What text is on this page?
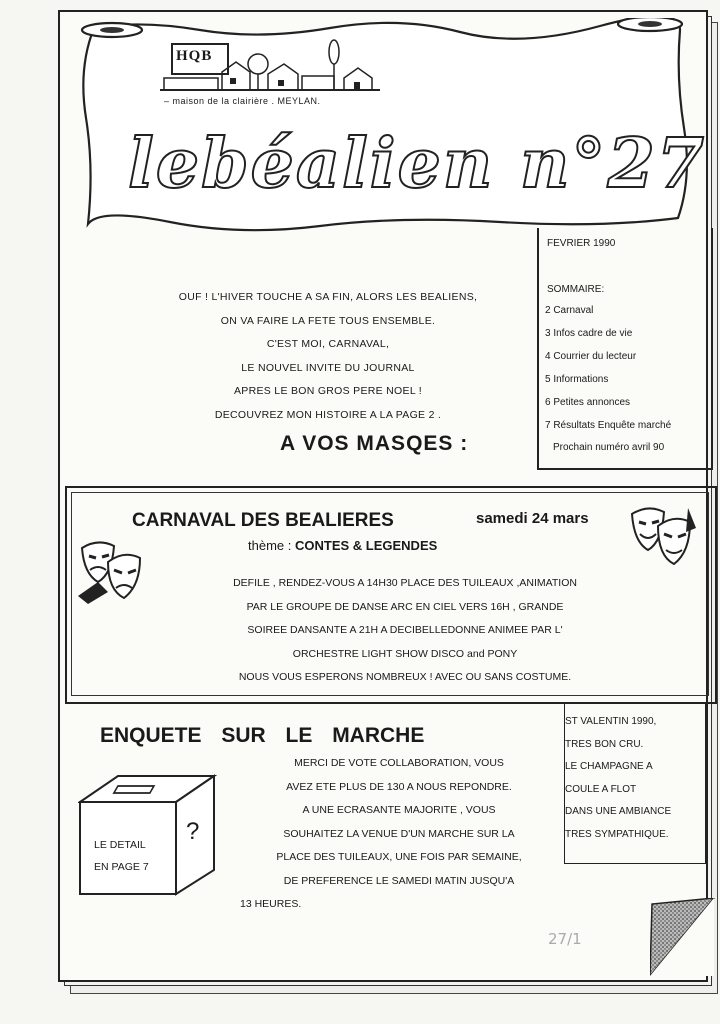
HQB
– maison de la clairière . MEYLAN.
lebéalien n°27
FEVRIER 1990
SOMMAIRE:
2 Carnaval
3 Infos cadre de vie
4 Courrier du lecteur
5 Informations
6 Petites annonces
7 Résultats Enquête marché
Prochain numéro avril 90

OUF ! L'HIVER TOUCHE A SA FIN, ALORS LES BEALIENS,

ON VA FAIRE LA FETE TOUS ENSEMBLE.

C'EST MOI, CARNAVAL,

LE NOUVEL INVITE DU JOURNAL

APRES LE BON GROS PERE NOEL !

DECOUVREZ MON HISTOIRE A LA PAGE 2 .

A VOS MASQES :
CARNAVAL DES BEALIERES	samedi 24 mars
thème : CONTES & LEGENDES

DEFILE , RENDEZ-VOUS A 14H30 PLACE DES TUILEAUX ,ANIMATION

PAR LE GROUPE DE DANSE ARC EN CIEL VERS 16H , GRANDE

SOIREE DANSANTE A 21H A DECIBELLEDONNE ANIMEE PAR L'

ORCHESTRE LIGHT SHOW DISCO and PONY

NOUS VOUS ESPERONS NOMBREUX ! AVEC OU SANS COSTUME.

ENQUETE SUR LE MARCHE

MERCI DE VOTE COLLABORATION, VOUS

AVEZ ETE PLUS DE 130 A NOUS REPONDRE.

A UNE ECRASANTE MAJORITE , VOUS

SOUHAITEZ LA VENUE D'UN MARCHE SUR LA

PLACE DES TUILEAUX, UNE FOIS PAR SEMAINE,

DE PREFERENCE LE SAMEDI MATIN JUSQU'A

13 HEURES.

LE DETAIL
EN PAGE 7
?

ST VALENTIN 1990,
TRES BON CRU.
LE CHAMPAGNE A
COULE A FLOT
DANS UNE AMBIANCE
TRES SYMPATHIQUE.

27/1
